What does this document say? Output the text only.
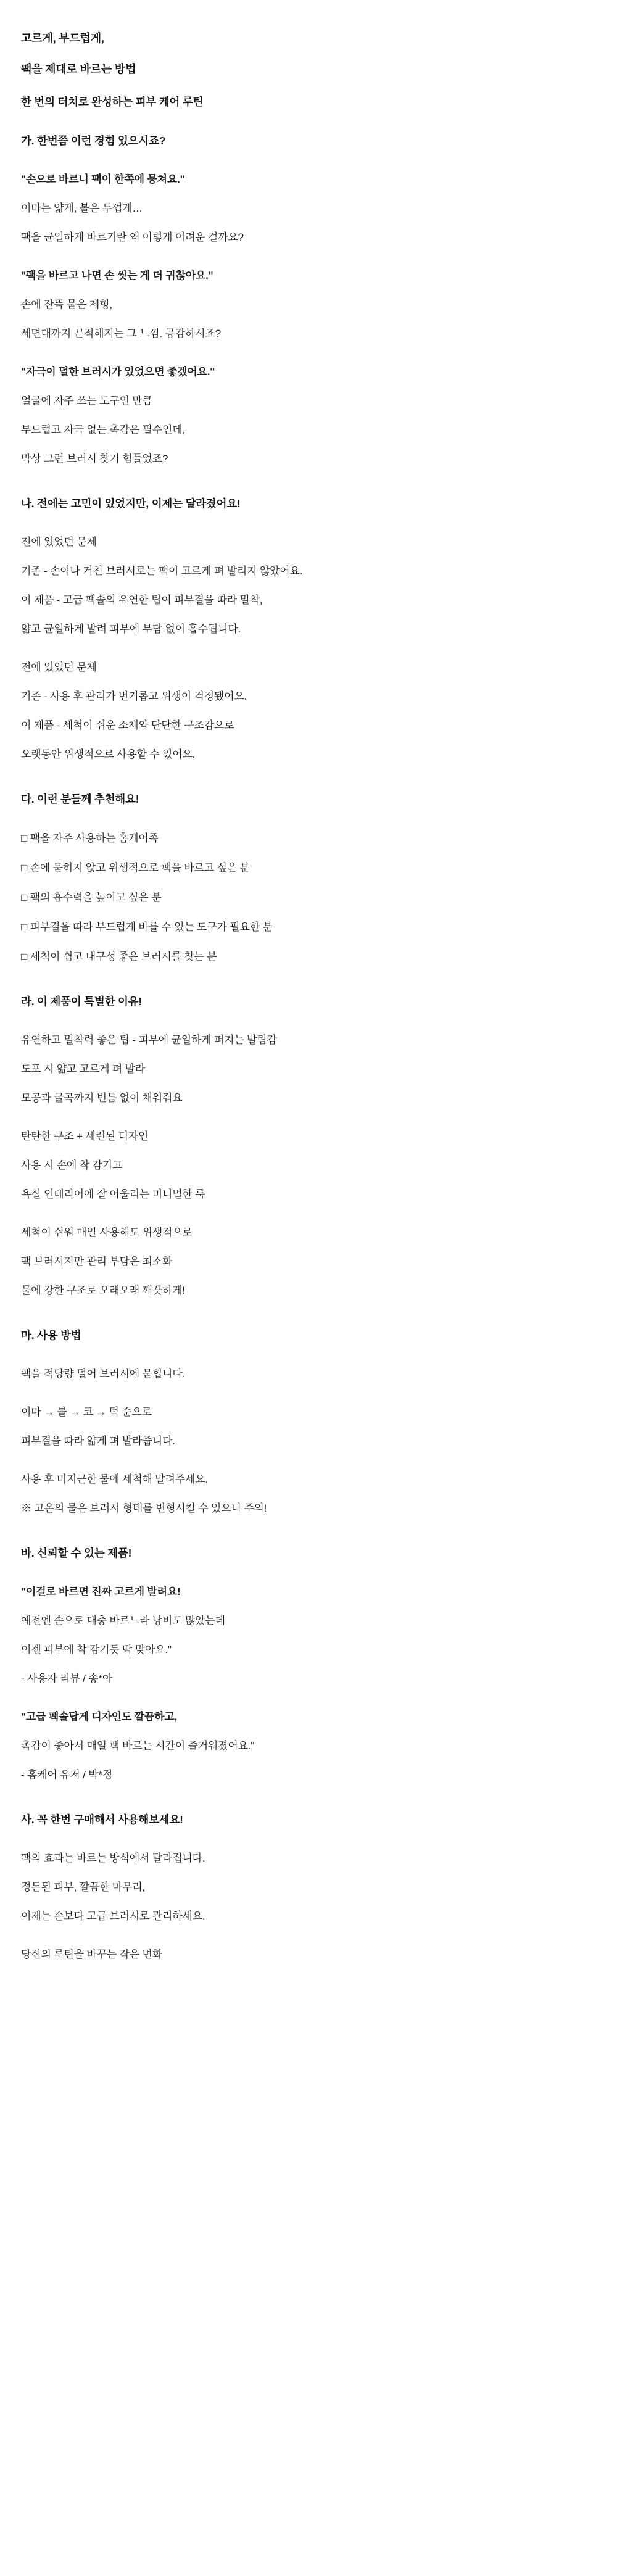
고르게, 부드럽게,

팩을 제대로 바르는 방법

한 번의 터치로 완성하는 피부 케어 루틴

가. 한번쯤 이런 경험 있으시죠?

"손으로 바르니 팩이 한쪽에 뭉쳐요."

이마는 얇게, 볼은 두껍게…

팩을 균일하게 바르기란 왜 이렇게 어려운 걸까요?

"팩을 바르고 나면 손 씻는 게 더 귀찮아요."

손에 잔뜩 묻은 제형,

세면대까지 끈적해지는 그 느낌. 공감하시죠?

"자극이 덜한 브러시가 있었으면 좋겠어요."

얼굴에 자주 쓰는 도구인 만큼

부드럽고 자극 없는 촉감은 필수인데,

막상 그런 브러시 찾기 힘들었죠?

나. 전에는 고민이 있었지만, 이제는 달라졌어요!

전에 있었던 문제

기존 - 손이나 거친 브러시로는 팩이 고르게 펴 발리지 않았어요.

이 제품 - 고급 팩솔의 유연한 팁이 피부결을 따라 밀착,

얇고 균일하게 발려 피부에 부담 없이 흡수됩니다.

전에 있었던 문제

기존 - 사용 후 관리가 번거롭고 위생이 걱정됐어요.

이 제품 - 세척이 쉬운 소재와 단단한 구조감으로

오랫동안 위생적으로 사용할 수 있어요.

다. 이런 분들께 추천해요!

□ 팩을 자주 사용하는 홈케어족

□ 손에 묻히지 않고 위생적으로 팩을 바르고 싶은 분

□ 팩의 흡수력을 높이고 싶은 분

□ 피부결을 따라 부드럽게 바를 수 있는 도구가 필요한 분

□ 세척이 쉽고 내구성 좋은 브러시를 찾는 분

라. 이 제품이 특별한 이유!

유연하고 밀착력 좋은 팁 - 피부에 균일하게 퍼지는 발림감

도포 시 얇고 고르게 펴 발라

모공과 굴곡까지 빈틈 없이 채워줘요

탄탄한 구조 + 세련된 디자인

사용 시 손에 착 감기고

욕실 인테리어에 잘 어울리는 미니멀한 룩

세척이 쉬워 매일 사용해도 위생적으로

팩 브러시지만 관리 부담은 최소화

물에 강한 구조로 오래오래 깨끗하게!

마. 사용 방법

팩을 적당량 덜어 브러시에 묻힙니다.

이마 → 볼 → 코 → 턱 순으로

피부결을 따라 얇게 펴 발라줍니다.

사용 후 미지근한 물에 세척해 말려주세요.

※ 고온의 물은 브러시 형태를 변형시킬 수 있으니 주의!

바. 신뢰할 수 있는 제품!

"이걸로 바르면 진짜 고르게 발려요!

예전엔 손으로 대충 바르느라 낭비도 많았는데

이젠 피부에 착 감기듯 딱 맞아요."

- 사용자 리뷰 / 송*아

"고급 팩솔답게 디자인도 깔끔하고,

촉감이 좋아서 매일 팩 바르는 시간이 즐거워졌어요."

- 홈케어 유저 / 박*정

사. 꼭 한번 구매해서 사용해보세요!

팩의 효과는 바르는 방식에서 달라집니다.

정돈된 피부, 깔끔한 마무리,

이제는 손보다 고급 브러시로 관리하세요.

당신의 루틴을 바꾸는 작은 변화
